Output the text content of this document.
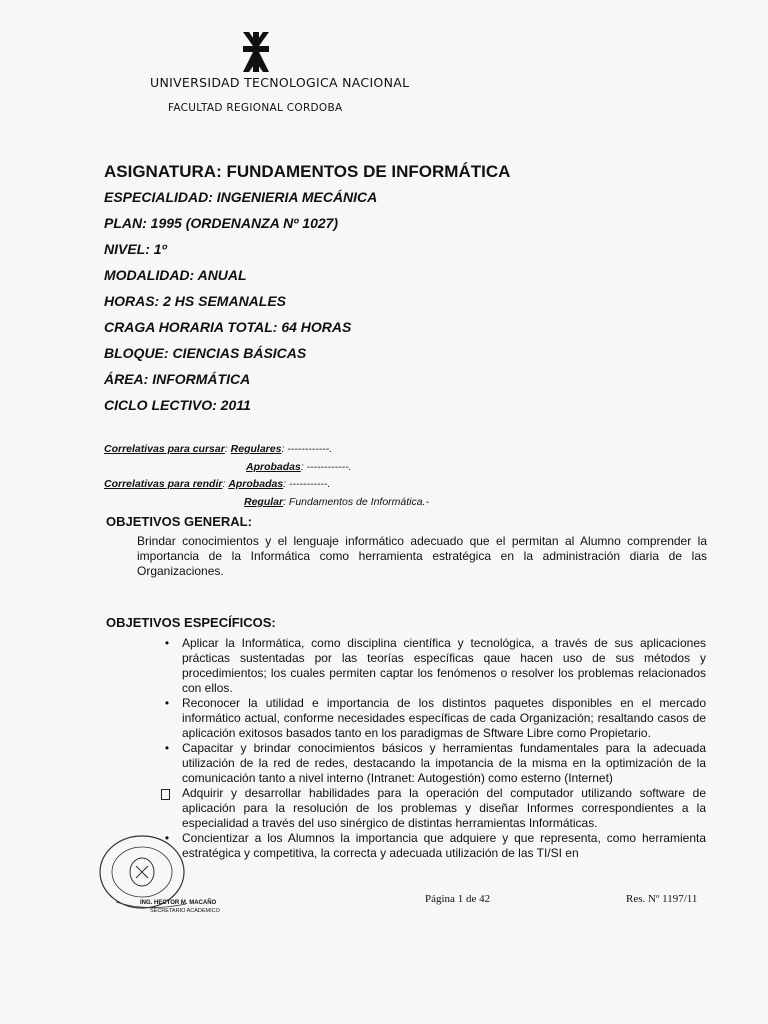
UNIVERSIDAD TECNOLOGICA NACIONAL
FACULTAD REGIONAL CORDOBA
ASIGNATURA: FUNDAMENTOS DE INFORMÁTICA
ESPECIALIDAD: INGENIERIA MECÁNICA
PLAN: 1995 (ORDENANZA Nº 1027)
NIVEL: 1º
MODALIDAD: ANUAL
HORAS: 2 HS SEMANALES
CRAGA HORARIA TOTAL: 64 HORAS
BLOQUE: CIENCIAS BÁSICAS
ÁREA: INFORMÁTICA
CICLO LECTIVO: 2011
Correlativas para cursar: Regulares: ------------.
Aprobadas: ------------.
Correlativas para rendir: Aprobadas: -----------.
Regular: Fundamentos de Informática.-
OBJETIVOS GENERAL:
Brindar conocimientos y el lenguaje informático adecuado que el permitan al Alumno comprender la importancia de la Informática como herramienta estratégica en la administración diaria de las Organizaciones.
OBJETIVOS ESPECÍFICOS:
•	Aplicar la Informática, como disciplina científica y tecnológica, a través de sus aplicaciones prácticas sustentadas por las teorías específicas qaue hacen uso de sus métodos y procedimientos; los cuales permiten captar los fenómenos o resolver los problemas relacionados con ellos.
•	Reconocer la utilidad e importancia de los distintos paquetes disponibles en el mercado informático actual, conforme necesidades específicas de cada Organización; resaltando casos de aplicación exitosos basados tanto en los paradigmas de Sftware Libre como Propietario.
•	Capacitar y brindar conocimientos básicos y herramientas fundamentales para la adecuada utilización de la red de redes, destacando la impotancia de la misma en la optimización de la comunicación tanto a nivel interno (Intranet: Autogestión) como esterno (Internet)
Adquirir y desarrollar habilidades para la operación del computador utilizando software de aplicación para la resolución de los problemas y diseñar Informes correspondientes a la especialidad a través del uso sinérgico de distintas herramientas Informáticas.
•	Concientizar a los Alumnos la importancia que adquiere y que representa, como herramienta estratégica y competitiva, la correcta y adecuada utilización de las TI/SI en
ING. HECTOR M. MACAÑO
SECRETARIO ACADEMICO
Página 1 de 42	Res. Nº 1197/11
